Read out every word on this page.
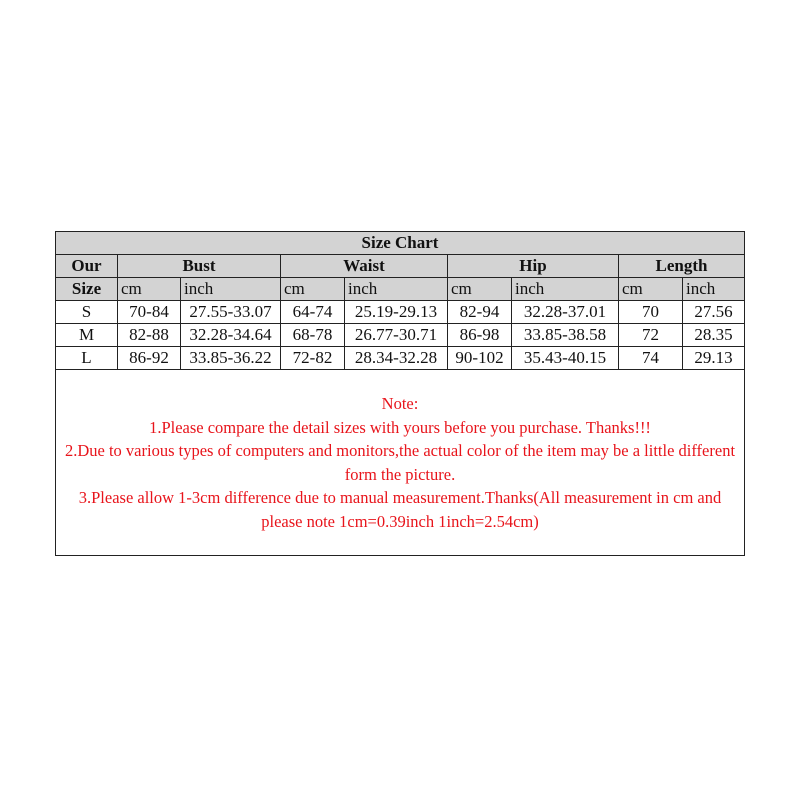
Size Chart								
Our	Bust		Waist		Hip		Length	
Size	cm	inch	cm	inch	cm	inch	cm	inch
S	70-84	27.55-33.07	64-74	25.19-29.13	82-94	32.28-37.01	70	27.56
M	82-88	32.28-34.64	68-78	26.77-30.71	86-98	33.85-38.58	72	28.35
L	86-92	33.85-36.22	72-82	28.34-32.28	90-102	35.43-40.15	74	29.13

Note:
1.Please compare the detail sizes with yours before you purchase. Thanks!!!
2.Due to various types of computers and monitors,the actual color of the item may be a little different form the picture.
3.Please allow 1-3cm difference due to manual measurement.Thanks(All measurement in cm and please note 1cm=0.39inch 1inch=2.54cm)								
